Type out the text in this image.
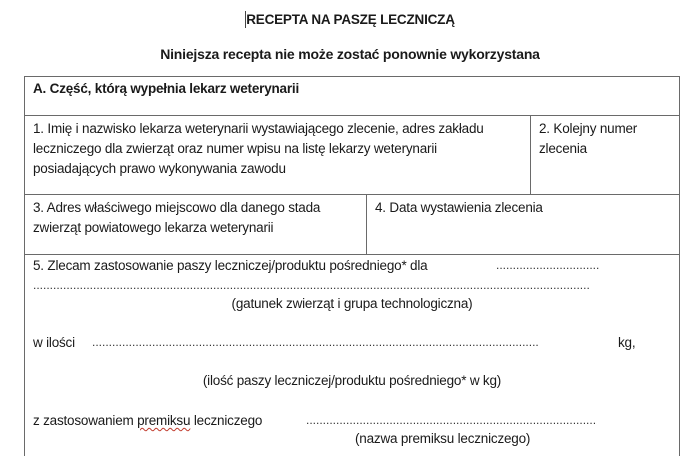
RECEPTA NA PASZĘ LECZNICZĄ
Niniejsza recepta nie może zostać ponownie wykorzystana
A. Część, którą wypełnia lekarz weterynarii
1. Imię i nazwisko lekarza weterynarii wystawiającego zlecenie, adres zakładu leczniczego dla zwierząt oraz numer wpisu na listę lekarzy weterynarii posiadających prawo wykonywania zawodu
2. Kolejny numer zlecenia
3. Adres właściwego miejscowo dla danego stada zwierząt powiatowego lekarza weterynarii
4. Data wystawienia zlecenia
5. Zlecam zastosowanie paszy leczniczej/produktu pośredniego* dla	...............................
.......................................................................................................................................................................
(gatunek zwierząt i grupa technologiczna)
w ilości ......................................................................................................................................	kg,
(ilość paszy leczniczej/produktu pośredniego* w kg)
z zastosowaniem premiksu leczniczego	.......................................................................................
(nazwa premiksu leczniczego)
